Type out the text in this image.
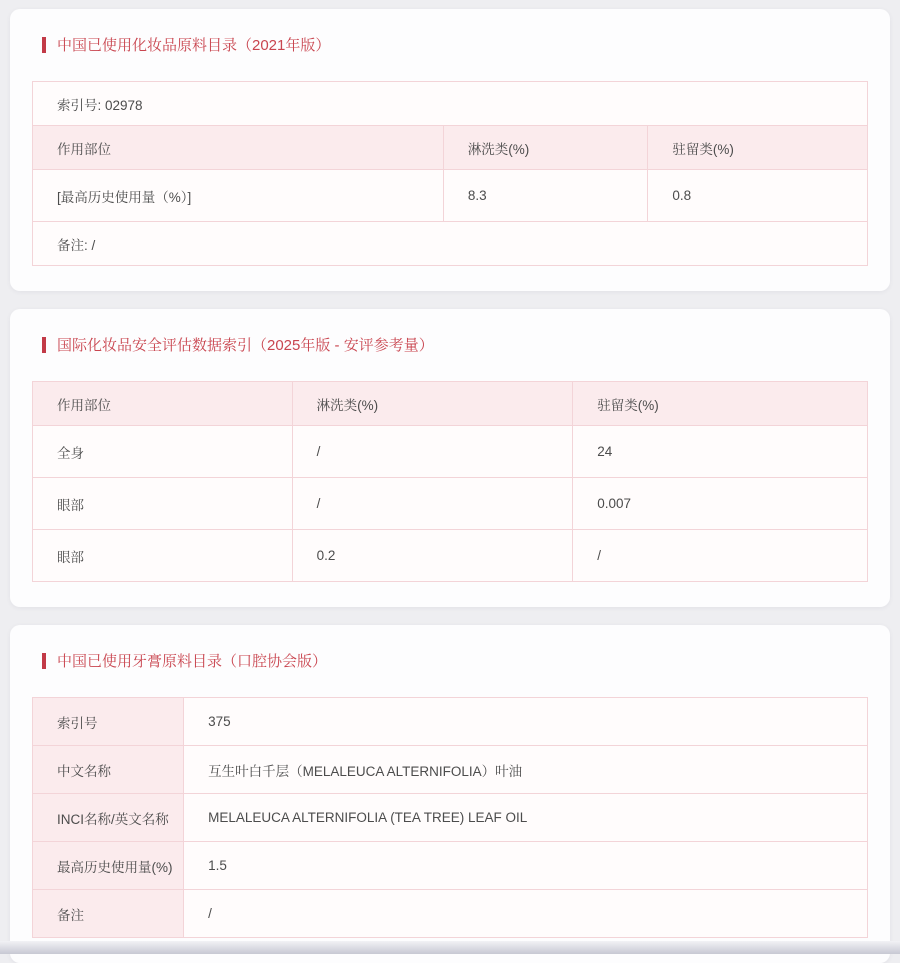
中国已使用化妆品原料目录（2021年版）
索引号: 02978		
作用部位	淋洗类(%)	驻留类(%)
[最高历史使用量（%）]	8.3	0.8
备注: /		
国际化妆品安全评估数据索引（2025年版 - 安评参考量）
作用部位	淋洗类(%)	驻留类(%)
全身	/	24
眼部	/	0.007
眼部	0.2	/
中国已使用牙膏原料目录（口腔协会版）
索引号	375
中文名称	互生叶白千层（MELALEUCA ALTERNIFOLIA）叶油
INCI名称/英文名称	MELALEUCA ALTERNIFOLIA (TEA TREE) LEAF OIL
最高历史使用量(%)	1.5
备注	/
